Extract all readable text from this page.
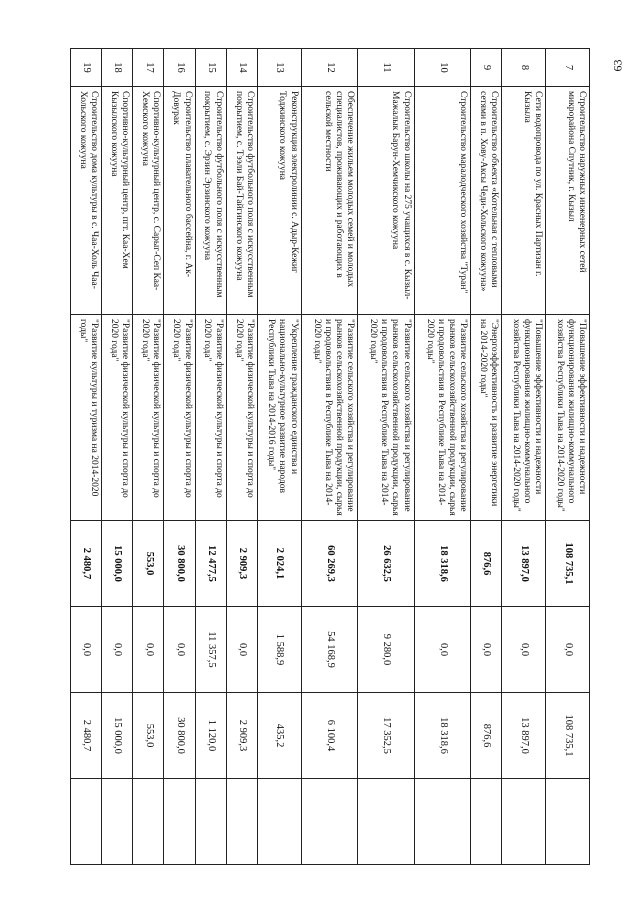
63
7	Строительство наружных инженерных сетей микрорайона Спутник, г. Кызыл	"Повышение эффективности и надежности функционирования жилищно-коммунального хозяйства Республики Тыва на 2014-2020 годы"	108 735,1	0,0	108 735,1	
8	Сети водопровода по ул. Красных Партизан г. Кызыла	"Повышение эффективности и надежности функционирования жилищно-коммунального хозяйства Республики Тыва на 2014-2020 годы"	13 897,0	0,0	13 897,0	
9	Строительство объекта «Котельная с тепловыми сетями в п. Хову-Аксы Чеди-Хольского кожууна»	"Энергоэффективность и развитие энергетики на 2014-2020 годы"	876,6	0,0	876,6	
10	Строительство маралодческого хозяйства "Туран"	"Развитие сельского хозяйства и регулирование рынков сельскохозяйственной продукции, сырья и продовольствия в Республике Тыва на 2014-2020 годы"	18 318,6	0,0	18 318,6	
11	Строительство школы на 275 учащихся в с. Кызыл-Мажалык Барун-Хемчикского кожууна	"Развитие сельского хозяйства и регулирование рынков сельскохозяйственной продукции, сырья и продовольствия в Республике Тыва на 2014-2020 годы"	26 632,5	9 280,0	17 352,5	
12	Обеспечение жильем молодых семей и молодых специалистов, проживающих и работающих в сельской местности	"Развитие сельского хозяйства и регулирование рынков сельскохозяйственной продукции, сырья и продовольствия в Республике Тыва на 2014-2020 годы"	60 269,3	54 168,9	6 100,4	
13	Реконструкция электролинии с. Адыр-Кежиг Тоджинского кожууна	"Укрепление гражданского единства и национально-культурное развитие народов Республики Тыва на 2014-2016 годы"	2 024,1	1 588,9	435,2	
14	Строительство футбольного поля с искусственным покрытием, с. Тээли Бай-Тайгинского кожууна	"Развитие физической культуры и спорта до 2020 года"	2 909,3	0,0	2 909,3	
15	Строительство футбольного поля с искусственным покрытием, с. Эрзин Эрзинского кожууна	"Развитие физической культуры и спорта до 2020 года"	12 477,5	11 357,5	1 120,0	
16	Строительство плавательного бассейна, г. Ак-Довурак	"Развитие физической культуры и спорта до 2020 года"	30 800,0	0,0	30 800,0	
17	Спортивно-культурный центр, с. Сарыг-Сеп Каа-Хемского кожууна	"Развитие физической культуры и спорта до 2020 года"	553,0	0,0	553,0	
18	Спортивно-культурный центр, пгт. Каа-Хем Кызылского кожууна	"Развитие физической культуры и спорта до 2020 года"	15 000,0	0,0	15 000,0	
19	Строительство дома культуры в с. Чаа-Холь Чаа-Хольского кожууна	"Развитие культуры и туризма на 2014-2020 годы"	2 480,7	0,0	2 480,7	
